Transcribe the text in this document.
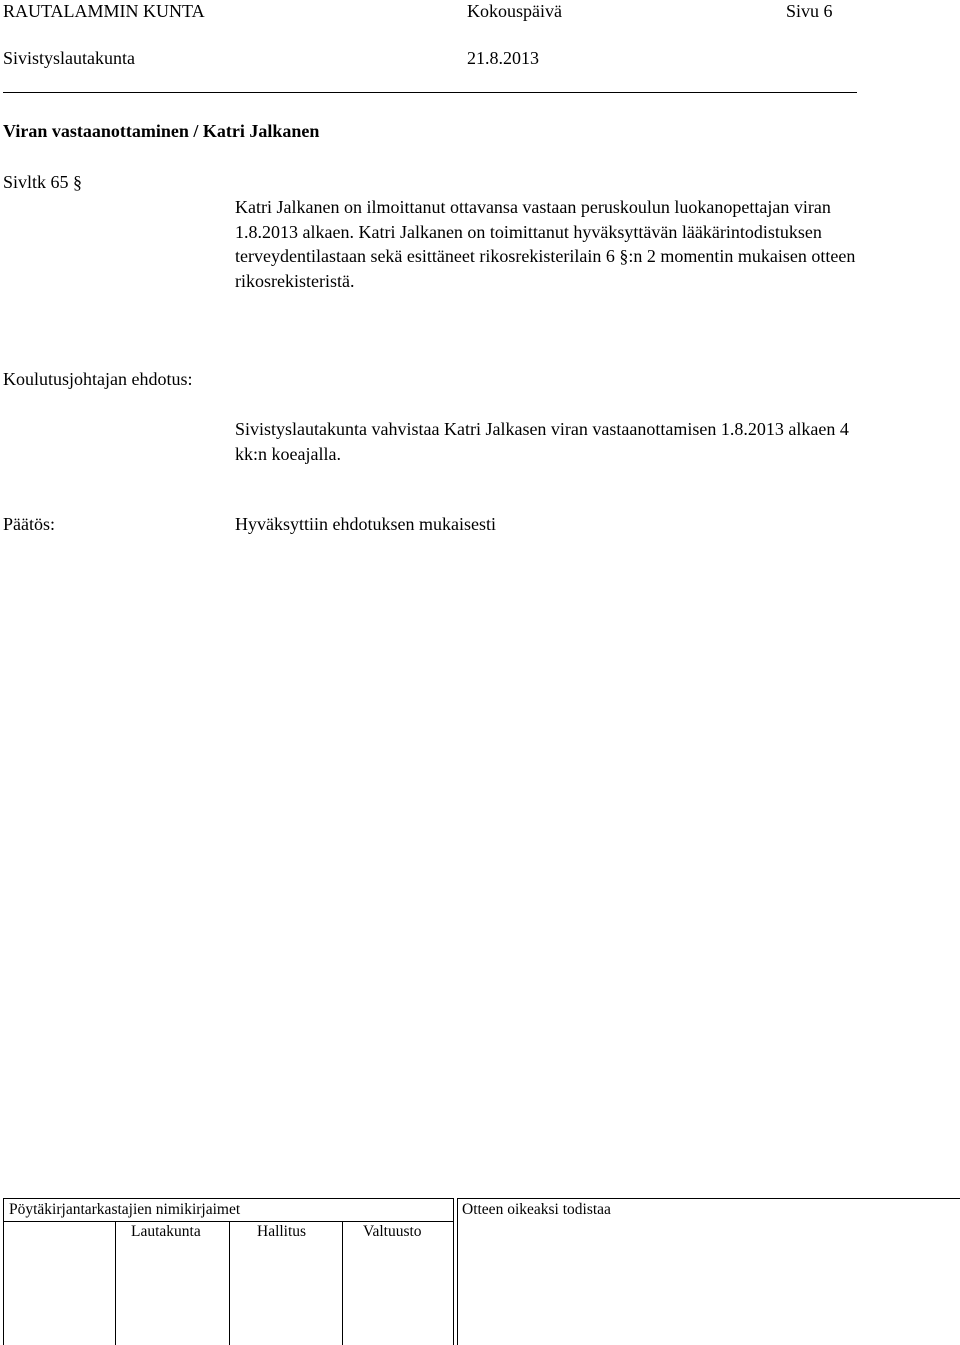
RAUTALAMMIN KUNTA	Kokouspäivä	Sivu 6
Sivistyslautakunta	21.8.2013
Viran vastaanottaminen / Katri Jalkanen
Sivltk 65 §
Katri Jalkanen on ilmoittanut ottavansa vastaan peruskoulun luokanopettajan viran 1.8.2013 alkaen. Katri Jalkanen on toimittanut hyväksyttävän lääkärintodistuksen terveydentilastaan sekä esittäneet rikosrekisterilain 6 §:n 2 momentin mukaisen otteen rikosrekisteristä.
Koulutusjohtajan ehdotus:
Sivistyslautakunta vahvistaa Katri Jalkasen viran vastaanottamisen 1.8.2013 alkaen 4 kk:n koeajalla.
Päätös:	Hyväksyttiin ehdotuksen mukaisesti
Pöytäkirjantarkastajien nimikirjaimet
Lautakunta	Hallitus	Valtuusto
Otteen oikeaksi todistaa
